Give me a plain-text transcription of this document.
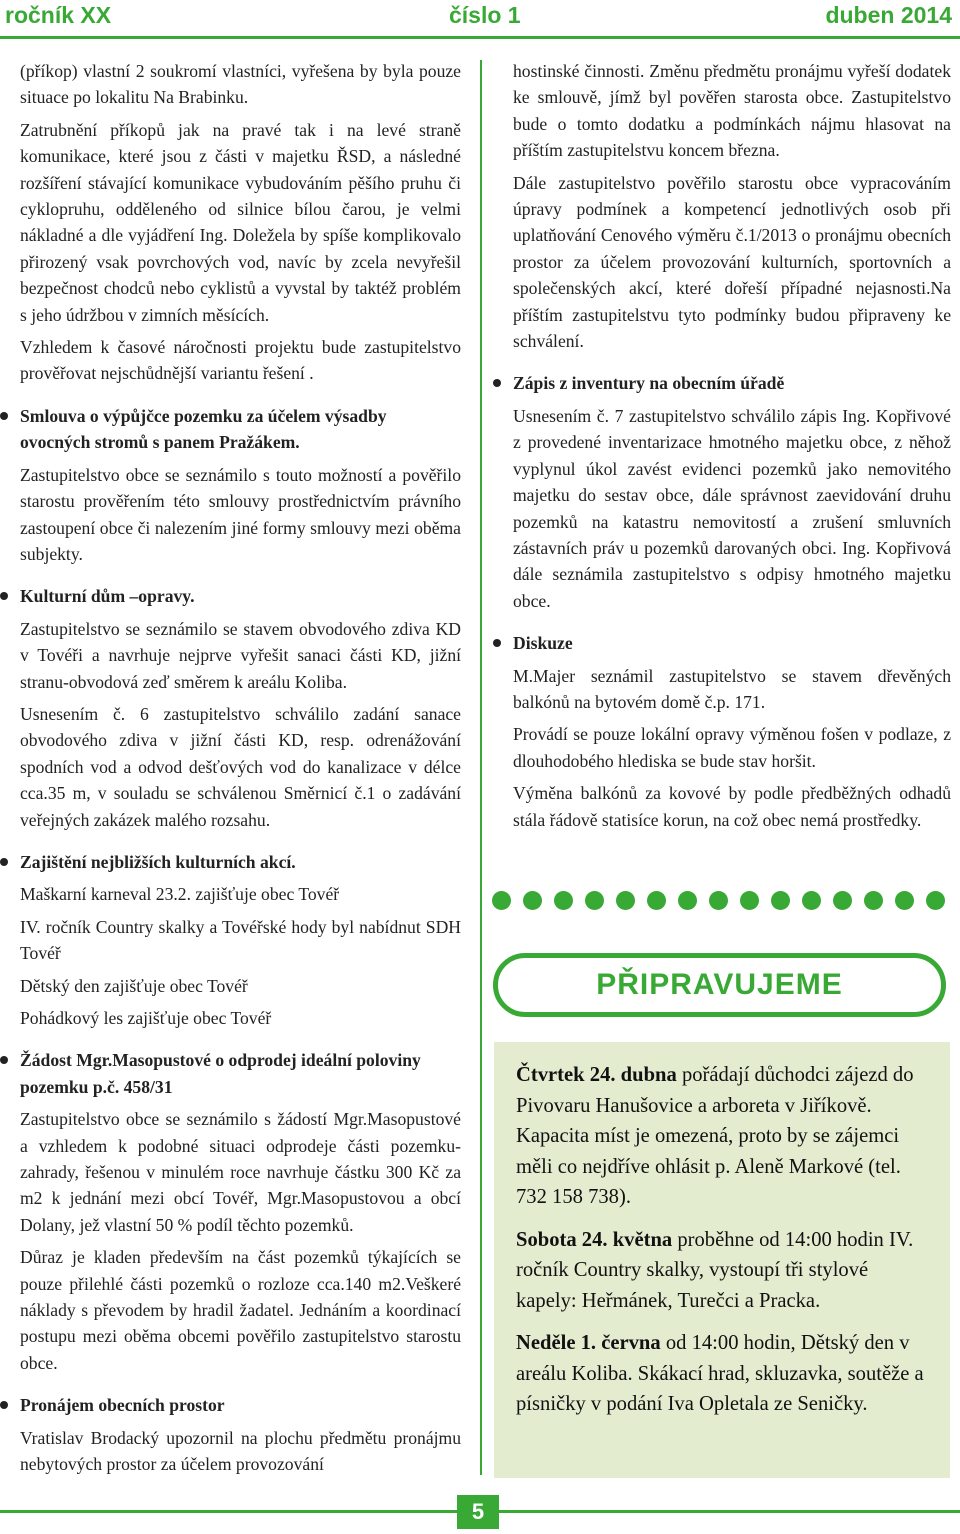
ročník XX	číslo 1	duben 2014

(příkop) vlastní 2 soukromí vlastníci, vyřešena by byla pouze situace po lokalitu Na Brabinku.

Zatrubnění příkopů jak na pravé tak i na levé straně komunikace, které jsou z části v majetku ŘSD, a následné rozšíření stávající komunikace vybudováním pěšího pruhu či cyklopruhu, odděleného od silnice bílou čarou, je velmi nákladné a dle vyjádření Ing. Doležela by spíše komplikovalo přirozený vsak povrchových vod, navíc by zcela nevyřešil bezpečnost chodců nebo cyklistů a vyvstal by taktéž problém s jeho údržbou v zimních měsících.

Vzhledem k časové náročnosti projektu bude zastupitelstvo prověřovat nejschůdnější variantu řešení .

Smlouva o výpůjčce pozemku za účelem výsadby ovocných stromů s panem Pražákem.

Zastupitelstvo obce se seznámilo s touto možností a pověřilo starostu prověřením této smlouvy prostřednictvím právního zastoupení obce či nalezením jiné formy smlouvy mezi oběma subjekty.

Kulturní dům –opravy.

Zastupitelstvo se seznámilo se stavem obvodového zdiva KD v Tovéři a navrhuje nejprve vyřešit sanaci části KD, jižní stranu-obvodová zeď směrem k areálu Koliba.

Usnesením č. 6 zastupitelstvo schválilo zadání sanace obvodového zdiva v jižní části KD, resp. odrenážování spodních vod a odvod dešťových vod do kanalizace v délce cca.35 m, v souladu se schválenou Směrnicí č.1 o zadávání veřejných zakázek malého rozsahu.

Zajištění nejbližších kulturních akcí.

Maškarní karneval 23.2. zajišťuje obec Tovéř

IV. ročník Country skalky a Tovéřské hody byl nabídnut SDH Tovéř

Dětský den zajišťuje obec Tovéř

Pohádkový les zajišťuje obec Tovéř

Žádost Mgr.Masopustové o odprodej ideální poloviny pozemku p.č. 458/31

Zastupitelstvo obce se seznámilo s žádostí Mgr.Masopustové a vzhledem k podobné situaci odprodeje části pozemku-zahrady, řešenou v minulém roce navrhuje částku 300 Kč za m2 k jednání mezi obcí Tovéř, Mgr.Masopustovou a obcí Dolany, jež vlastní 50 % podíl těchto pozemků.

Důraz je kladen především na část pozemků týkajících se pouze přilehlé části pozemků o rozloze cca.140 m2.Veškeré náklady s převodem by hradil žadatel. Jednáním a koordinací postupu mezi oběma obcemi pověřilo zastupitelstvo starostu obce.

Pronájem obecních prostor

Vratislav Brodacký upozornil na plochu předmětu pronájmu nebytových prostor za účelem provozování

hostinské činnosti. Změnu předmětu pronájmu vyřeší dodatek ke smlouvě, jímž byl pověřen starosta obce. Zastupitelstvo bude o tomto dodatku a podmínkách nájmu hlasovat na příštím zastupitelstvu koncem března.

Dále zastupitelstvo pověřilo starostu obce vypracováním úpravy podmínek a kompetencí jednotlivých osob při uplatňování Cenového výměru č.1/2013 o pronájmu obecních prostor za účelem provozování kulturních, sportovních a společenských akcí, které dořeší případné nejasnosti.Na příštím zastupitelstvu tyto podmínky budou připraveny ke schválení.

Zápis z inventury na obecním úřadě

Usnesením č. 7 zastupitelstvo schválilo zápis Ing. Kopřivové z provedené inventarizace hmotného majetku obce, z něhož vyplynul úkol zavést evidenci pozemků jako nemovitého majetku do sestav obce, dále správnost zaevidování druhu pozemků na katastru nemovitostí a zrušení smluvních zástavních práv u pozemků darovaných obci. Ing. Kopřivová dále seznámila zastupitelstvo s odpisy hmotného majetku obce.

Diskuze

M.Majer seznámil zastupitelstvo se stavem dřevěných balkónů na bytovém domě č.p. 171.

Provádí se pouze lokální opravy výměnou fošen v podlaze, z dlouhodobého hlediska se bude stav horšit.

Výměna balkónů za kovové by podle předběžných odhadů stála řádově statisíce korun, na což obec nemá prostředky.

PŘIPRAVUJEME

Čtvrtek 24. dubna pořádají důchodci zájezd do Pivovaru Hanušovice a arboreta v Jiříkově. Kapacita míst je omezená, proto by se zájemci měli co nejdříve ohlásit p. Aleně Markové (tel. 732 158 738).

Sobota 24. května proběhne od 14:00 hodin IV. ročník Country skalky, vystoupí tři stylové kapely: Heřmánek, Turečci a Pracka.

Neděle 1. června od 14:00 hodin, Dětský den v areálu Koliba. Skákací hrad, skluzavka, soutěže a písničky v podání Iva Opletala ze Seničky.

5
